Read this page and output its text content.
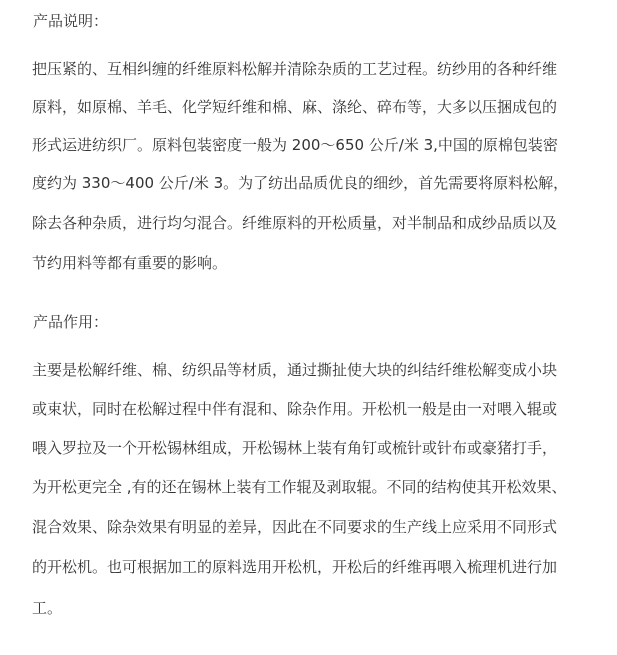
产品说明：

把压紧的、互相纠缠的纤维原料松解并清除杂质的工艺过程。纺纱用的各种纤维

原料，如原棉、羊毛、化学短纤维和棉、麻、涤纶、碎布等，大多以压捆成包的

形式运进纺织厂。原料包装密度一般为 200～650 公斤/米 3,中国的原棉包装密

度约为 330～400 公斤/米 3。为了纺出品质优良的细纱，首先需要将原料松解，

除去各种杂质，进行均匀混合。纤维原料的开松质量，对半制品和成纱品质以及

节约用料等都有重要的影响。

产品作用：

主要是松解纤维、棉、纺织品等材质，通过撕扯使大块的纠结纤维松解变成小块

或束状，同时在松解过程中伴有混和、除杂作用。开松机一般是由一对喂入辊或

喂入罗拉及一个开松锡林组成，开松锡林上装有角钉或梳针或针布或豪猪打手，

为开松更完全 ,有的还在锡林上装有工作辊及剥取辊。不同的结构使其开松效果、

混合效果、除杂效果有明显的差异，因此在不同要求的生产线上应采用不同形式

的开松机。也可根据加工的原料选用开松机，开松后的纤维再喂入梳理机进行加

工。
